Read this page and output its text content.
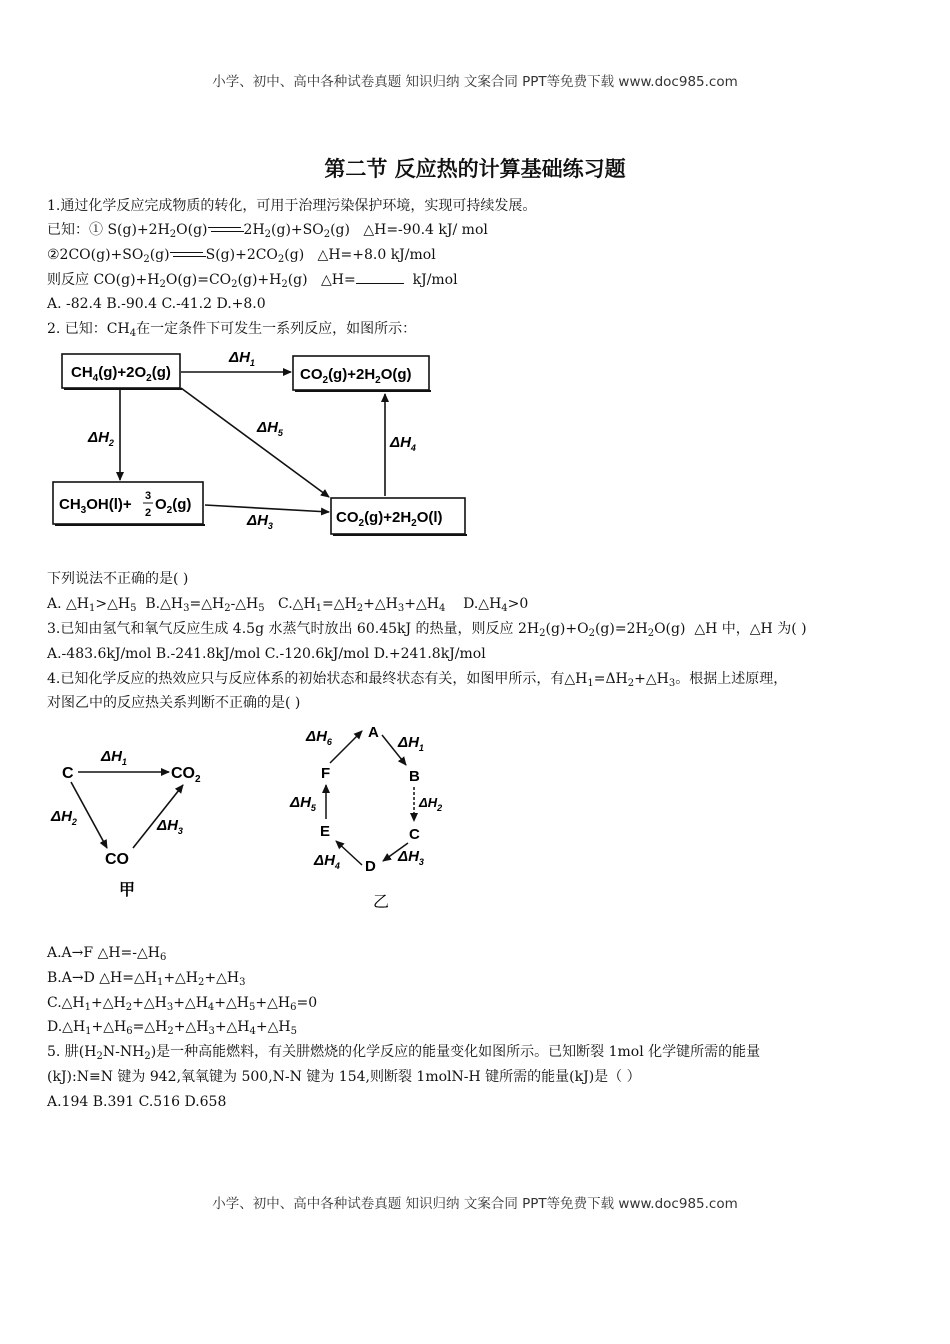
小学、初中、高中各种试卷真题 知识归纳 文案合同 PPT等免费下载 www.doc985.com
第二节 反应热的计算基础练习题
1.通过化学反应完成物质的转化，可用于治理污染保护环境，实现可持续发展。
已知：① $S(g)+2H_2O(g)$	$2H_2(g)+SO_2(g)$   △H=-90.4 kJ/ mol
$②2CO(g)+SO_2(g)$	$S(g)+2CO_2(g)$   △H=+8.0 kJ/mol
则反应 $CO(g)+H_2O(g)=CO_2(g)+H_2(g)$   △H=	kJ/mol
A. -82.4 B.-90.4 C.-41.2 D.+8.0
2. 已知：$CH_4$在一定条件下可发生一系列反应，如图所示：
$CH_4(g)+2O_2(g)$	$CO_2(g)+2H_2O(g)$
$CH_3OH(l)+ 3$
2 $O_2(g)$
$CO_2(g)+2H_2O(l)$
$\Delta H_1$
$\Delta H_2$
$\Delta H_3$
$\Delta H_4$
$\Delta H_5$
下列说法不正确的是( )
A. $\triangle H_1>\triangle H_5$ $B.\triangle H_3=\triangle H_2-\triangle H_5$ $C.\triangle H_1=\triangle H_2+\triangle H_3+\triangle H_4$ $D.\triangle H_4>0$
3.已知由氢气和氧气反应生成 4.5g 水蒸气时放出 60.45kJ 的热量，则反应 $2H_2(g)+O_2(g)=2H_2O(g)$  △H 中，△H 为( )
A.-483.6kJ/mol B.-241.8kJ/mol C.-120.6kJ/mol D.+241.8kJ/mol
4.已知化学反应的热效应只与反应体系的初始状态和最终状态有关，如图甲所示，有$\triangle H_1=\Delta H_2+\triangle H_3$。根据上述原理，
对图乙中的反应热关系判断不正确的是( )
C	$CO_2$
CO
$\Delta H_1$
$\Delta H_2$	$\Delta H_3$
甲
A
B
C
D
E
F
$\Delta H_1$
$\Delta H_2$
$\Delta H_3$
$\Delta H_4$
$\Delta H_5$
$\Delta H_6$
乙
A.A→F $\triangle H=-\triangle H_6$
B.A→D $\triangle H=\triangle H_1+\triangle H_2+\triangle H_3$
$C.\triangle H_1+\triangle H_2+\triangle H_3+\triangle H_4+\triangle H_5+\triangle H_6=0$
$D.\triangle H_1+\triangle H_6=\triangle H_2+\triangle H_3+\triangle H_4+\triangle H_5$
5. 肼$(H_2N-NH_2)$是一种高能燃料，有关肼燃烧的化学反应的能量变化如图所示。已知断裂 1mol 化学键所需的能量
(kJ):N≡N 键为 942,氧氧键为 500,N-N 键为 154,则断裂 1molN-H 键所需的能量(kJ)是（ ）
A.194 B.391 C.516 D.658
小学、初中、高中各种试卷真题 知识归纳 文案合同 PPT等免费下载 www.doc985.com
